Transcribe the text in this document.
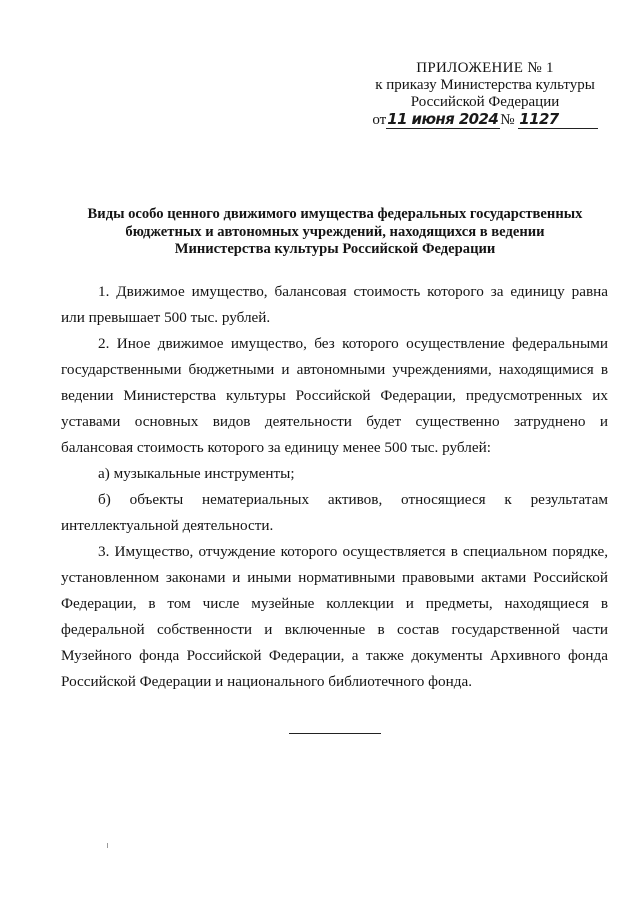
ПРИЛОЖЕНИЕ № 1
к приказу Министерства культуры
Российской Федерации
от11 июня 2024 № 1127
Виды особо ценного движимого имущества федеральных государственных
бюджетных и автономных учреждений, находящихся в ведении
Министерства культуры Российской Федерации

1. Движимое имущество, балансовая стоимость которого за единицу равна или превышает 500 тыс. рублей.

2. Иное движимое имущество, без которого осуществление федеральными государственными бюджетными и автономными учреждениями, находящимися в ведении Министерства культуры Российской Федерации, предусмотренных их уставами основных видов деятельности будет существенно затруднено и балансовая стоимость которого за единицу менее 500 тыс. рублей:

а) музыкальные инструменты;

б) объекты нематериальных активов, относящиеся к результатам интеллектуальной деятельности.

3. Имущество, отчуждение которого осуществляется в специальном порядке, установленном законами и иными нормативными правовыми актами Российской Федерации, в том числе музейные коллекции и предметы, находящиеся в федеральной собственности и включенные в состав государственной части Музейного фонда Российской Федерации, а также документы Архивного фонда Российской Федерации и национального библиотечного фонда.
